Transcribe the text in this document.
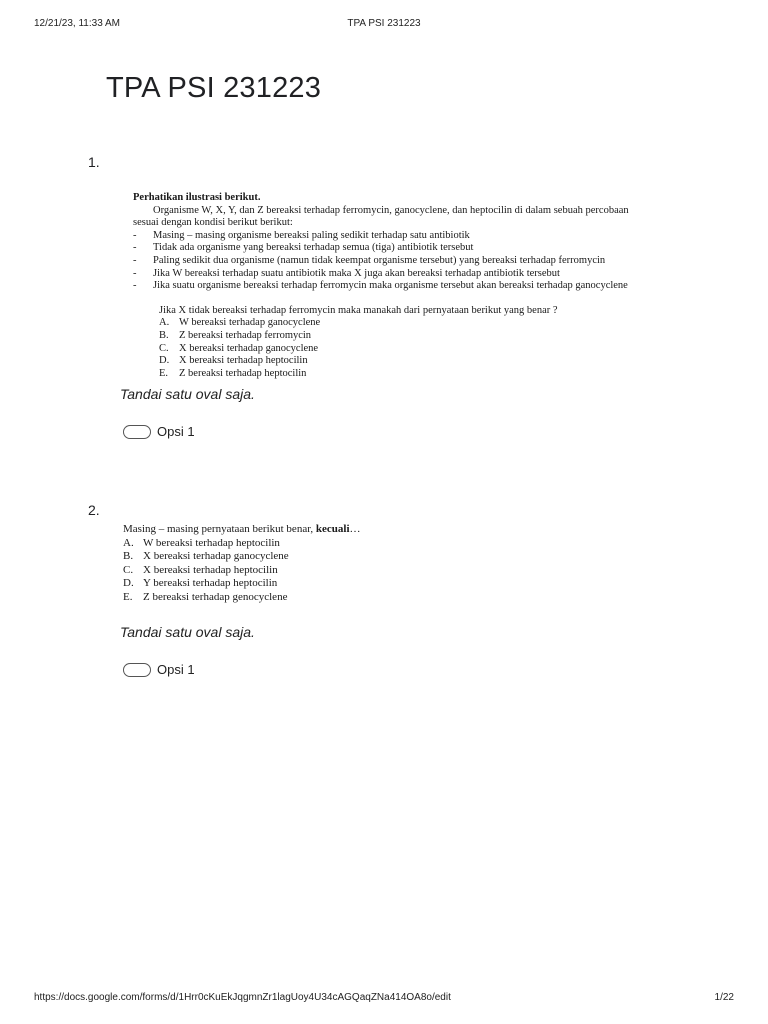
12/21/23, 11:33 AM	TPA PSI 231223
TPA PSI 231223
1.
Perhatikan ilustrasi berikut.
Organisme W, X, Y, dan Z bereaksi terhadap ferromycin, ganocyclene, dan heptocilin di dalam sebuah percobaan
sesuai dengan kondisi berikut berikut:
- Masing – masing organisme bereaksi paling sedikit terhadap satu antibiotik
- Tidak ada organisme yang bereaksi terhadap semua (tiga) antibiotik tersebut
- Paling sedikit dua organisme (namun tidak keempat organisme tersebut) yang bereaksi terhadap ferromycin
- Jika W bereaksi terhadap suatu antibiotik maka X juga akan bereaksi terhadap antibiotik tersebut
- Jika suatu organisme bereaksi terhadap ferromycin maka organisme tersebut akan bereaksi terhadap ganocyclene
Jika X tidak bereaksi terhadap ferromycin maka manakah dari pernyataan berikut yang benar ?
A. W bereaksi terhadap ganocyclene
B. Z bereaksi terhadap ferromycin
C. X bereaksi terhadap ganocyclene
D. X bereaksi terhadap heptocilin
E. Z bereaksi terhadap heptocilin
Tandai satu oval saja.
Opsi 1
2.
Masing – masing pernyataan berikut benar, kecuali…
A. W bereaksi terhadap heptocilin
B. X bereaksi terhadap ganocyclene
C. X bereaksi terhadap heptocilin
D. Y bereaksi terhadap heptocilin
E. Z bereaksi terhadap genocyclene
Tandai satu oval saja.
Opsi 1
https://docs.google.com/forms/d/1Hrr0cKuEkJqgmnZr1lagUoy4U34cAGQaqZNa414OA8o/edit	1/22
